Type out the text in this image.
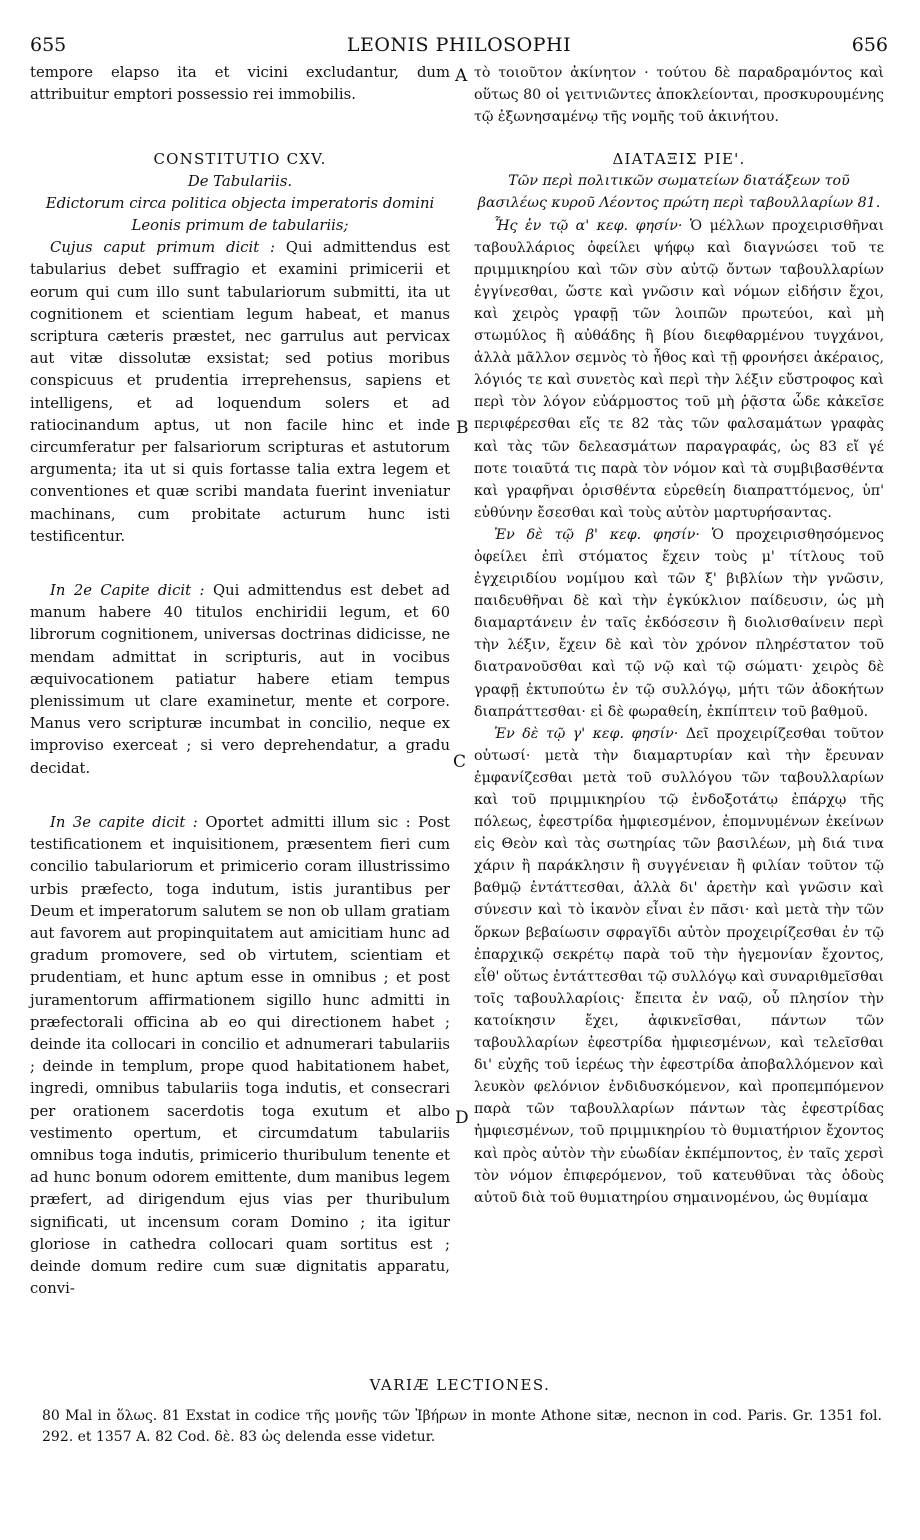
655	LEONIS PHILOSOPHI	656

tempore elapso ita et vicini excludantur, dum attribuitur emptori possessio rei immobilis.

CONSTITUTIO CXV.

De Tabulariis.

Edictorum circa politica objecta imperatoris domini Leonis primum de tabulariis;

Cujus caput primum dicit : Qui admittendus est tabularius debet suffragio et examini primicerii et eorum qui cum illo sunt tabulariorum submitti, ita ut cognitionem et scientiam legum habeat, et manus scriptura cæteris præstet, nec garrulus aut pervicax aut vitæ dissolutæ exsistat; sed potius moribus conspicuus et prudentia irreprehensus, sapiens et intelligens, et ad loquendum solers et ad ratiocinandum aptus, ut non facile hinc et inde circumferatur per falsariorum scripturas et astutorum argumenta; ita ut si quis fortasse talia extra legem et conventiones et quæ scribi mandata fuerint inveniatur machinans, cum probitate acturum hunc isti testificentur.

In 2e Capite dicit : Qui admittendus est debet ad manum habere 40 titulos enchiridii legum, et 60 librorum cognitionem, universas doctrinas didicisse, ne mendam admittat in scripturis, aut in vocibus æquivocationem patiatur habere etiam tempus plenissimum ut clare examinetur, mente et corpore. Manus vero scripturæ incumbat in concilio, neque ex improviso exerceat ; si vero deprehendatur, a gradu decidat.

In 3e capite dicit : Oportet admitti illum sic : Post testificationem et inquisitionem, præsentem fieri cum concilio tabulariorum et primicerio coram illustrissimo urbis præfecto, toga indutum, istis jurantibus per Deum et imperatorum salutem se non ob ullam gratiam aut favorem aut propinquitatem aut amicitiam hunc ad gradum promovere, sed ob virtutem, scientiam et prudentiam, et hunc aptum esse in omnibus ; et post juramentorum affirmationem sigillo hunc admitti in præfectorali officina ab eo qui directionem habet ; deinde ita collocari in concilio et adnumerari tabulariis ; deinde in templum, prope quod habitationem habet, ingredi, omnibus tabulariis toga indutis, et consecrari per orationem sacerdotis toga exutum et albo vestimento opertum, et circumdatum tabulariis omnibus toga indutis, primicerio thuribulum tenente et ad hunc bonum odorem emittente, dum manibus legem præfert, ad dirigendum ejus vias per thuribulum significati, ut incensum coram Domino ; ita igitur gloriose in cathedra collocari quam sortitus est ; deinde domum redire cum suæ dignitatis apparatu, convi-

A
B
C
D

τὸ τοιοῦτον ἀκίνητον · τούτου δὲ παραδραμόντος καὶ οὕτως 80 οἱ γειτνιῶντες ἀποκλείονται, προσκυρουμένης τῷ ἐξωνησαμένῳ τῆς νομῆς τοῦ ἀκινήτου.

ΔΙΑΤΑΞΙΣ ΡΙΕ'.

Τῶν περὶ πολιτικῶν σωματείων διατάξεων τοῦ βασιλέως κυροῦ Λέοντος πρώτη περὶ ταβουλλαρίων 81.

Ἧς ἐν τῷ α' κεφ. φησίν· Ὁ μέλλων προχειρισθῆναι ταβουλλάριος ὀφείλει ψήφῳ καὶ διαγνώσει τοῦ τε πριμμικηρίου καὶ τῶν σὺν αὐτῷ ὄντων ταβουλλαρίων ἐγγίνεσθαι, ὥστε καὶ γνῶσιν καὶ νόμων εἰδήσιν ἔχοι, καὶ χειρὸς γραφῇ τῶν λοιπῶν πρωτεύοι, καὶ μὴ στωμύλος ἢ αὐθάδης ἢ βίου διεφθαρμένου τυγχάνοι, ἀλλὰ μᾶλλον σεμνὸς τὸ ἦθος καὶ τῇ φρονήσει ἀκέραιος, λόγιός τε καὶ συνετὸς καὶ περὶ τὴν λέξιν εὔστροφος καὶ περὶ τὸν λόγον εὐάρμοστος τοῦ μὴ ῥᾷστα ὧδε κἀκεῖσε περιφέρεσθαι εἴς τε 82 τὰς τῶν φαλσαμάτων γραφὰς καὶ τὰς τῶν δελεασμάτων παραγραφάς, ὡς 83 εἴ γέ ποτε τοιαῦτά τις παρὰ τὸν νόμον καὶ τὰ συμβιβασθέντα καὶ γραφῆναι ὁρισθέντα εὑρεθείη διαπραττόμενος, ὑπ' εὐθύνην ἔσεσθαι καὶ τοὺς αὐτὸν μαρτυρήσαντας.

Ἐν δὲ τῷ β' κεφ. φησίν· Ὁ προχειρισθησόμενος ὀφείλει ἐπὶ στόματος ἔχειν τοὺς μ' τίτλους τοῦ ἐγχειριδίου νομίμου καὶ τῶν ξ' βιβλίων τὴν γνῶσιν, παιδευθῆναι δὲ καὶ τὴν ἐγκύκλιον παίδευσιν, ὡς μὴ διαμαρτάνειν ἐν ταῖς ἐκδόσεσιν ἢ διολισθαίνειν περὶ τὴν λέξιν, ἔχειν δὲ καὶ τὸν χρόνον πληρέστατον τοῦ διατρανοῦσθαι καὶ τῷ νῷ καὶ τῷ σώματι· χειρὸς δὲ γραφῇ ἐκτυπούτω ἐν τῷ συλλόγῳ, μήτι τῶν ἀδοκήτων διαπράττεσθαι· εἰ δὲ φωραθείη, ἐκπίπτειν τοῦ βαθμοῦ.

Ἐν δὲ τῷ γ' κεφ. φησίν· Δεῖ προχειρίζεσθαι τοῦτον οὑτωσί· μετὰ τὴν διαμαρτυρίαν καὶ τὴν ἔρευναν ἐμφανίζεσθαι μετὰ τοῦ συλλόγου τῶν ταβουλλαρίων καὶ τοῦ πριμμικηρίου τῷ ἐνδοξοτάτῳ ἐπάρχῳ τῆς πόλεως, ἐφεστρίδα ἠμφιεσμένον, ἐπομνυμένων ἐκείνων εἰς Θεὸν καὶ τὰς σωτηρίας τῶν βασιλέων, μὴ διά τινα χάριν ἢ παράκλησιν ἢ συγγένειαν ἢ φιλίαν τοῦτον τῷ βαθμῷ ἐντάττεσθαι, ἀλλὰ δι' ἀρετὴν καὶ γνῶσιν καὶ σύνεσιν καὶ τὸ ἱκανὸν εἶναι ἐν πᾶσι· καὶ μετὰ τὴν τῶν ὅρκων βεβαίωσιν σφραγῖδι αὐτὸν προχειρίζεσθαι ἐν τῷ ἐπαρχικῷ σεκρέτῳ παρὰ τοῦ τὴν ἡγεμονίαν ἔχοντος, εἶθ' οὕτως ἐντάττεσθαι τῷ συλλόγῳ καὶ συναριθμεῖσθαι τοῖς ταβουλλαρίοις· ἔπειτα ἐν ναῷ, οὗ πλησίον τὴν κατοίκησιν ἔχει, ἀφικνεῖσθαι, πάντων τῶν ταβουλλαρίων ἐφεστρίδα ἠμφιεσμένων, καὶ τελεῖσθαι δι' εὐχῆς τοῦ ἱερέως τὴν ἐφεστρίδα ἀποβαλλόμενον καὶ λευκὸν φελόνιον ἐνδιδυσκόμενον, καὶ προπεμπόμενον παρὰ τῶν ταβουλλαρίων πάντων τὰς ἐφεστρίδας ἠμφιεσμένων, τοῦ πριμμικηρίου τὸ θυμιατήριον ἔχοντος καὶ πρὸς αὐτὸν τὴν εὐωδίαν ἐκπέμποντος, ἐν ταῖς χερσὶ τὸν νόμον ἐπιφερόμενον, τοῦ κατευθῦναι τὰς ὁδοὺς αὐτοῦ διὰ τοῦ θυμιατηρίου σημαινομένου, ὡς θυμίαμα

VARIÆ LECTIONES.
80 Mal in ὅλως. 81 Exstat in codice τῆς μονῆς τῶν Ἰβήρων in monte Athone sitæ, necnon in cod. Paris. Gr. 1351 fol. 292. et 1357 A. 82 Cod. δὲ. 83 ὡς delenda esse videtur.
